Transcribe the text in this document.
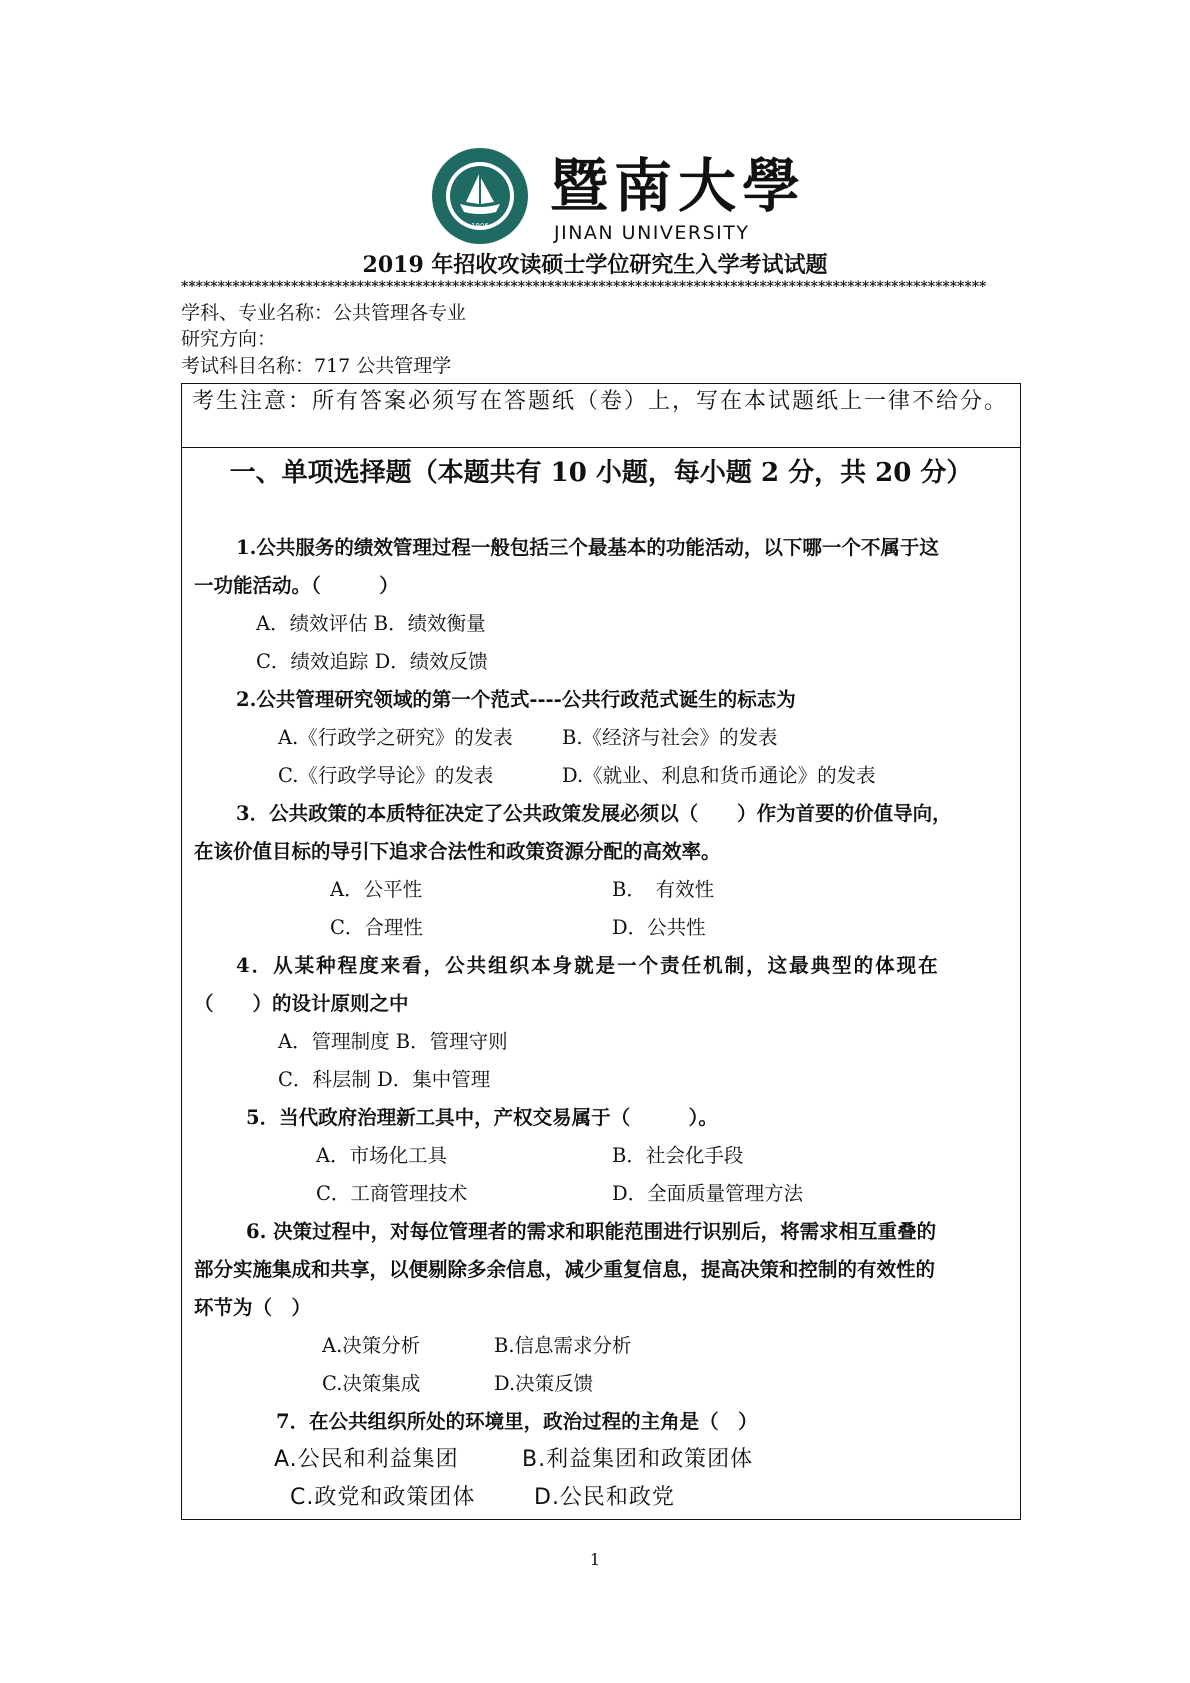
1906
暨南大學
JINAN UNIVERSITY
2019 年招收攻读硕士学位研究生入学考试试题
**************************************************************************************************************
学科、专业名称：公共管理各专业
研究方向：
考试科目名称：717 公共管理学
考生注意：所有答案必须写在答题纸（卷）上，写在本试题纸上一律不给分。
一、单项选择题（本题共有 10 小题，每小题 2 分，共 20 分）
1.公共服务的绩效管理过程一般包括三个最基本的功能活动，以下哪一个不属于这
一功能活动。（　　　）
A．绩效评估 B．绩效衡量
C．绩效追踪 D．绩效反馈
2.公共管理研究领域的第一个范式----公共行政范式诞生的标志为
A.《行政学之研究》的发表	B.《经济与社会》的发表
C.《行政学导论》的发表	D.《就业、利息和货币通论》的发表
3．公共政策的本质特征决定了公共政策发展必须以（　　）作为首要的价值导向，
在该价值目标的导引下追求合法性和政策资源分配的高效率。
A．公平性	B．　有效性
C．合理性	D．公共性
4．从某种程度来看，公共组织本身就是一个责任机制，这最典型的体现在
（　　）的设计原则之中
A．管理制度 B．管理守则
C．科层制 D．集中管理
5．当代政府治理新工具中，产权交易属于（　　　）。
A．市场化工具	B．社会化手段
C．工商管理技术	D．全面质量管理方法
6. 决策过程中，对每位管理者的需求和职能范围进行识别后，将需求相互重叠的
部分实施集成和共享，以便剔除多余信息，减少重复信息，提高决策和控制的有效性的
环节为（　）
A.决策分析	B.信息需求分析
C.决策集成	D.决策反馈
7．在公共组织所处的环境里，政治过程的主角是（　）
A.公民和利益集团	B.利益集团和政策团体
C.政党和政策团体	D.公民和政党
1
